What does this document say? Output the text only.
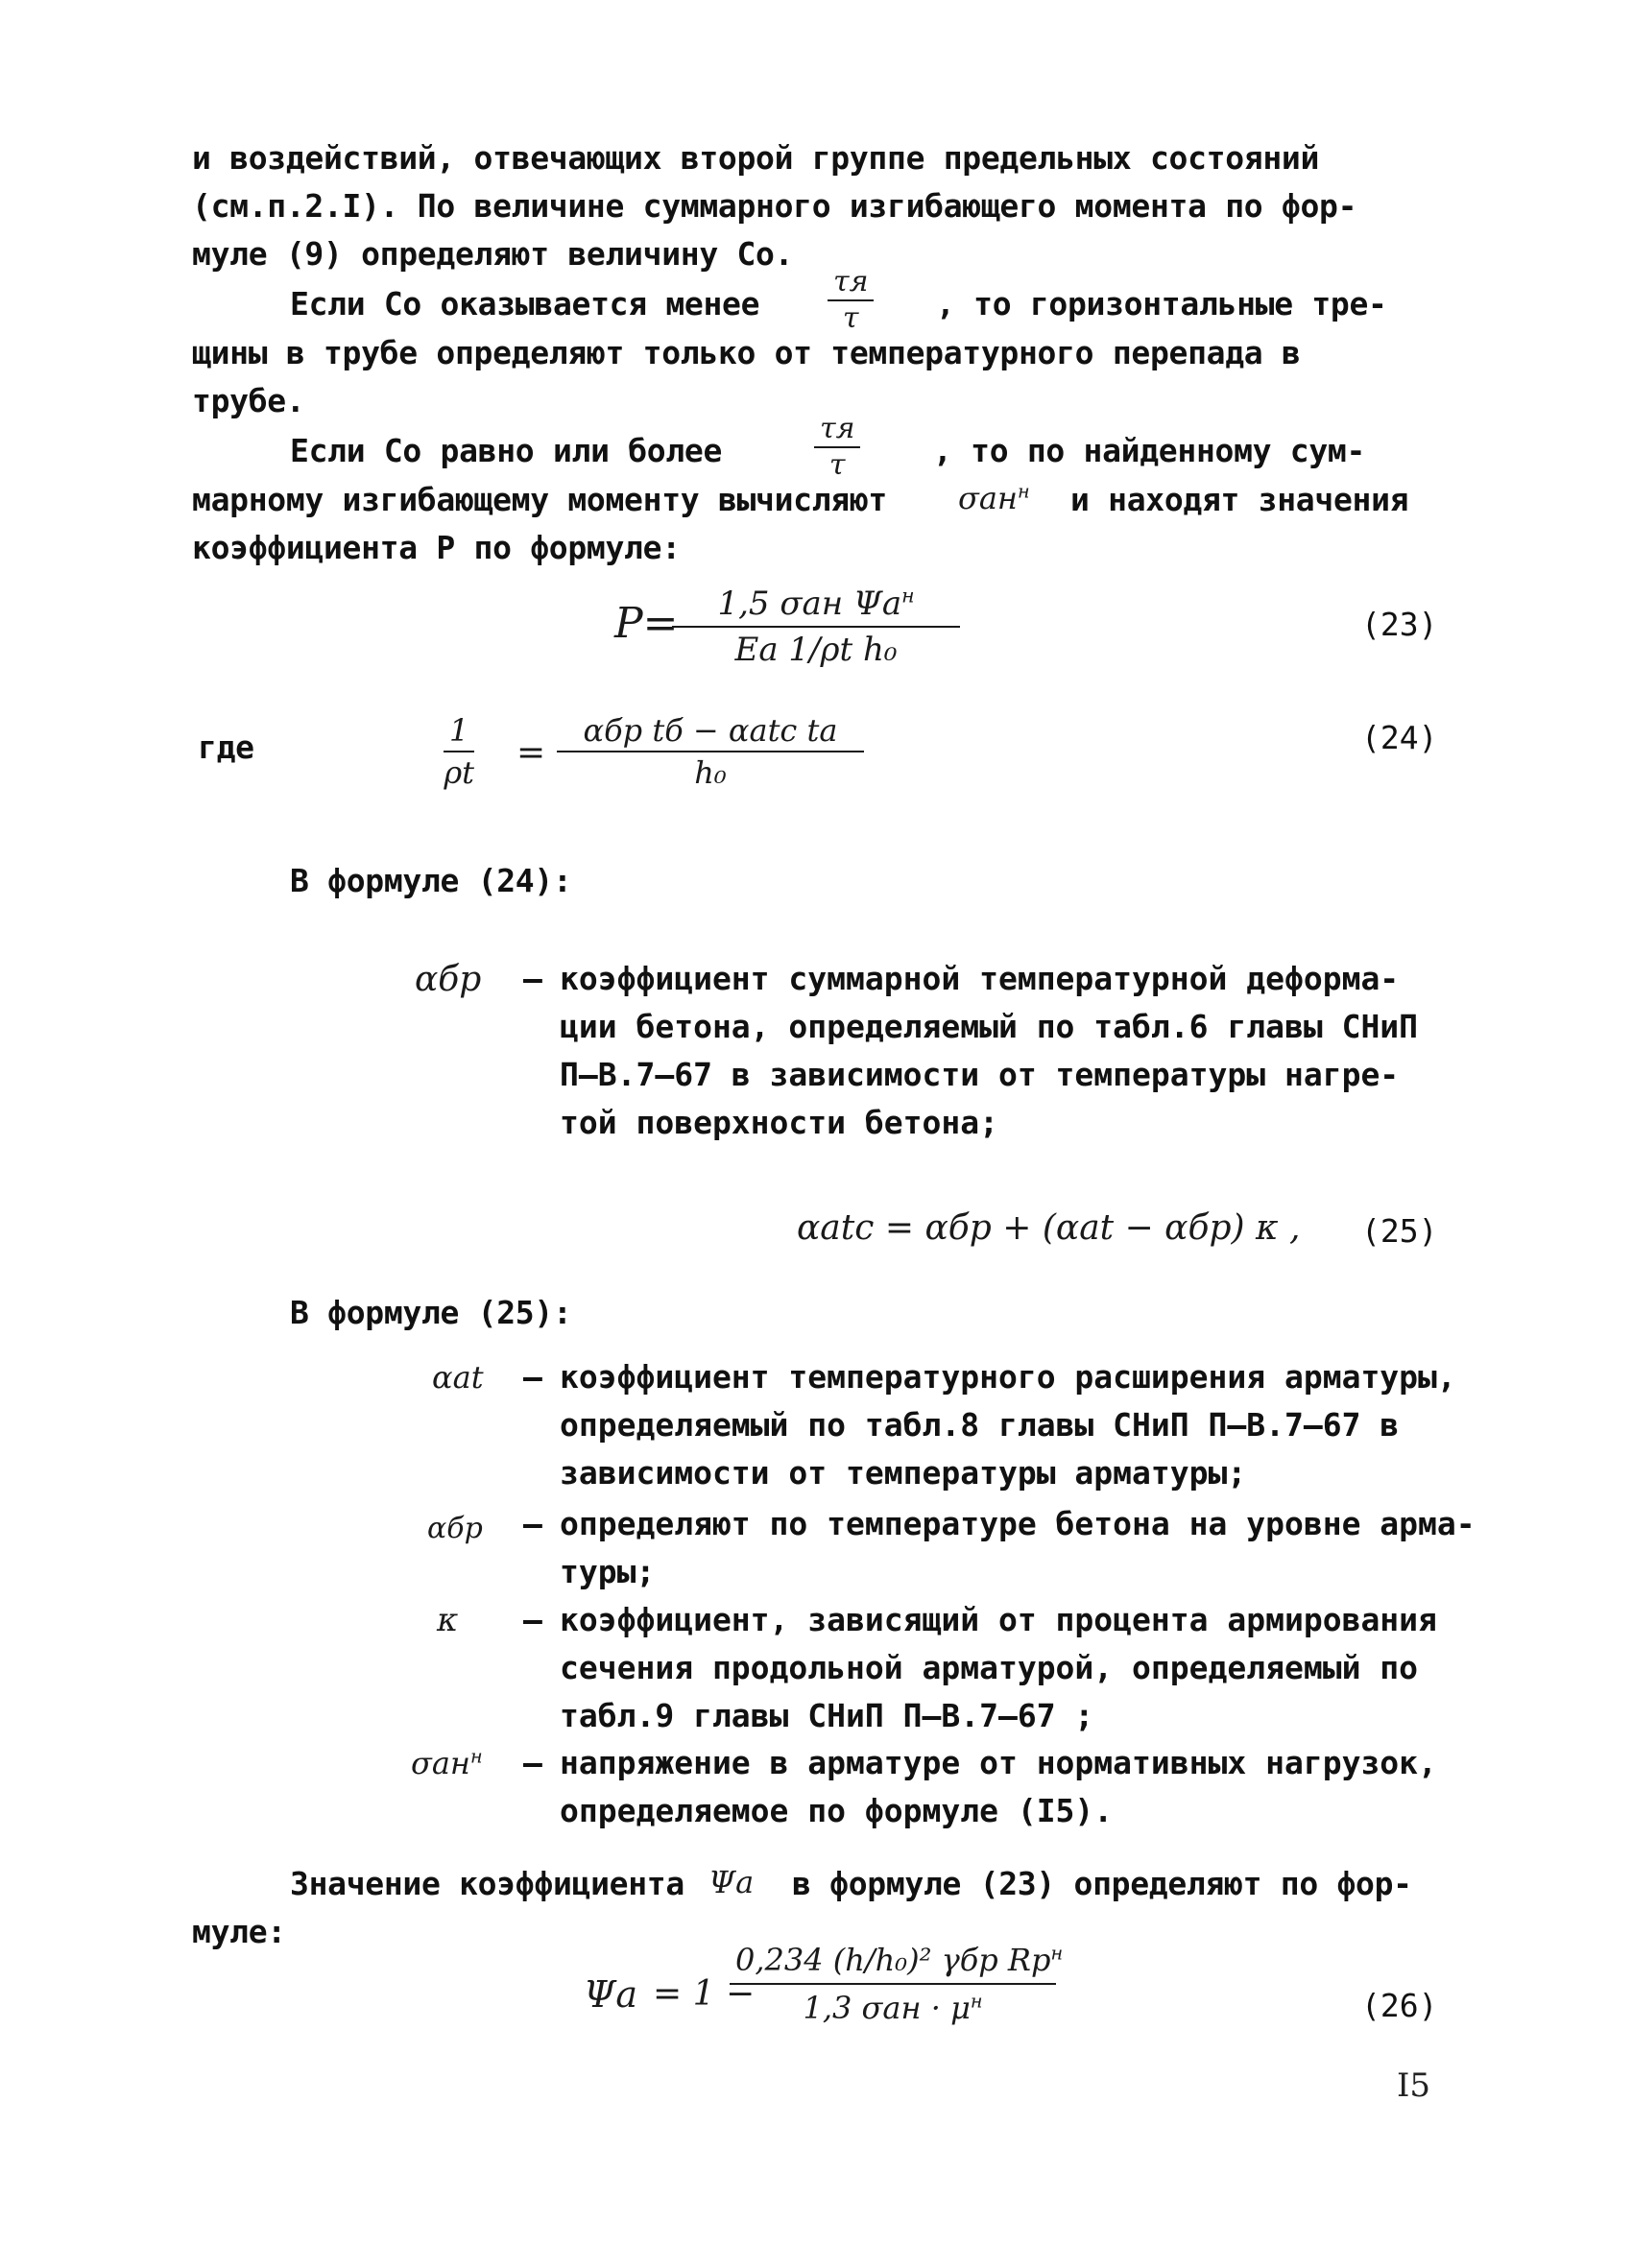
и воздействий, отвечающих второй группе предельных состояний

(см.п.2.I). По величине суммарного изгибающего момента по фор-

муле (9) определяют величину Со.

Если Со оказывается менее

τя
τ	, то горизонтальные тре-

щины в трубе определяют только от температурного перепада в

трубе.

Если Со равно или более

τя
τ	, то по найденному сум-

марному изгибающему моменту вычисляют σан$^н$ и находят значения

коэффициента Р по формуле:

P=	1,5 σан $\Psi а^н$
Eа 1/ρt h₀
(23)
где	$\frac{1}{\rho t}$ =
αбр tб − αаtс tа
h₀
(24)

В формуле (24):

αбр – коэффициент суммарной температурной деформа-

ции бетона, определяемый по табл.6 главы СНиП

П–В.7–67 в зависимости от температуры нагре-

той поверхности бетона;

αаtс = αбр + (αаt − αбр) κ , (25)

В формуле (25):

αаt – коэффициент температурного расширения арматуры,

определяемый по табл.8 главы СНиП П–В.7–67 в

зависимости от температуры арматуры;

αбр – определяют по температуре бетона на уровне арма-

туры;

κ – коэффициент, зависящий от процента армирования

сечения продольной арматурой, определяемый по

табл.9 главы СНиП П–В.7–67 ;

σан$^н$ – напряжение в арматуре от нормативных нагрузок,

определяемое по формуле (I5).

Значение коэффициента Ψа в формуле (23) определяют по фор-

муле:

Ψа = 1 −
0,234 (h/h₀)² γбр $Rр^н$
1,3 $\sigma ан \cdot \mu^н$	(26)
I5
